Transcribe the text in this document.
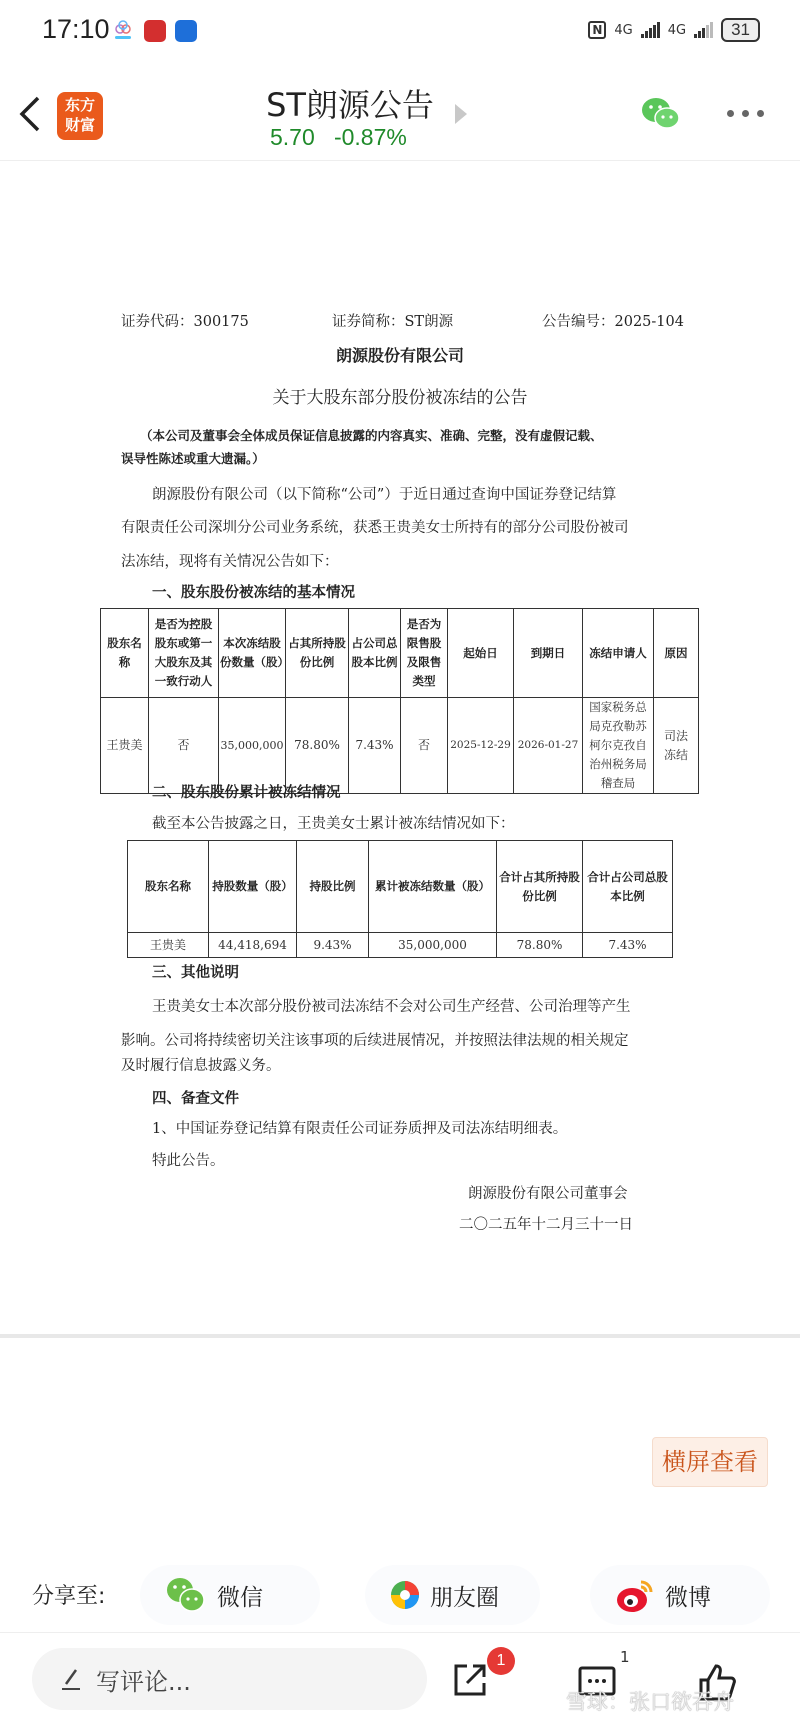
17:10	N 4G	4G	31
东方
财富
ST朗源公告
5.70 -0.87%
证券代码：300175	证券简称：ST朗源	公告编号：2025-104
朗源股份有限公司
关于大股东部分股份被冻结的公告
（本公司及董事会全体成员保证信息披露的内容真实、准确、完整，没有虚假记载、
误导性陈述或重大遗漏。）
朗源股份有限公司（以下简称“公司”）于近日通过查询中国证券登记结算
有限责任公司深圳分公司业务系统，获悉王贵美女士所持有的部分公司股份被司
法冻结，现将有关情况公告如下：
一、股东股份被冻结的基本情况
股东名称	是否为控股股东或第一大股东及其一致行动人	本次冻结股份数量（股）	占其所持股份比例	占公司总股本比例	是否为限售股及限售类型	起始日	到期日	冻结申请人	原因
王贵美	否	35,000,000	78.80%	7.43%	否	2025-12-29	2026-01-27	国家税务总局克孜勒苏柯尔克孜自治州税务局稽查局	司法冻结
二、股东股份累计被冻结情况
截至本公告披露之日，王贵美女士累计被冻结情况如下：
股东名称	持股数量（股）	持股比例	累计被冻结数量（股）	合计占其所持股份比例	合计占公司总股本比例
王贵美	44,418,694	9.43%	35,000,000	78.80%	7.43%
三、其他说明
王贵美女士本次部分股份被司法冻结不会对公司生产经营、公司治理等产生
影响。公司将持续密切关注该事项的后续进展情况，并按照法律法规的相关规定
及时履行信息披露义务。
四、备查文件
1、中国证券登记结算有限责任公司证券质押及司法冻结明细表。
特此公告。
朗源股份有限公司董事会
二〇二五年十二月三十一日
横屏查看
分享至:	微信	朋友圈	微博
写评论...
1	1
雪球：张口欲吞舟
